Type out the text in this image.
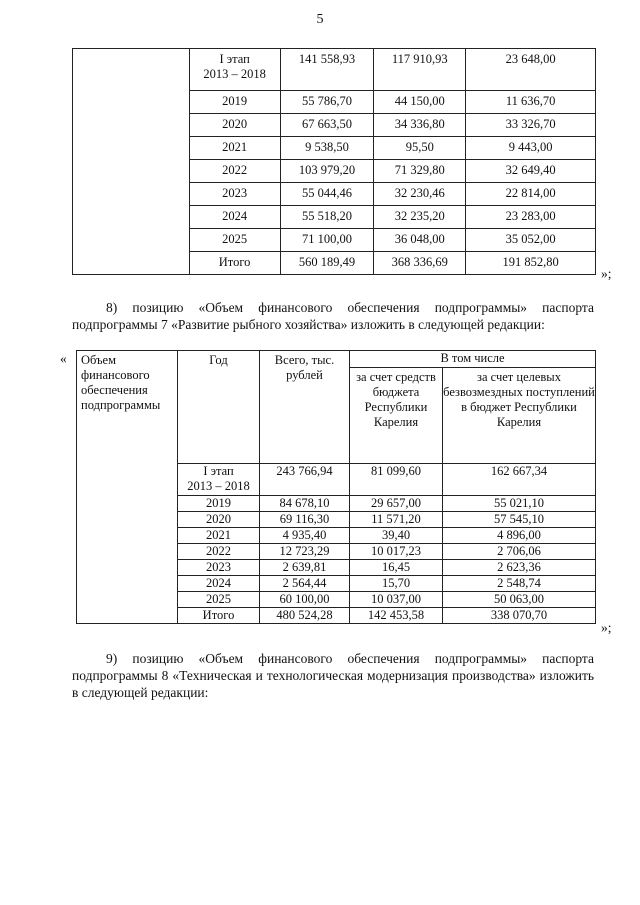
5
	I этап
2013 – 2018	141 558,93	117 910,93	23 648,00
	2019	55 786,70	44 150,00	11 636,70
	2020	67 663,50	34 336,80	33 326,70
	2021	9 538,50	95,50	9 443,00
	2022	103 979,20	71 329,80	32 649,40
	2023	55 044,46	32 230,46	22 814,00
	2024	55 518,20	32 235,20	23 283,00
	2025	71 100,00	36 048,00	35 052,00
	Итого	560 189,49	368 336,69	191 852,80
»;
8) позицию «Объем финансового обеспечения подпрограммы» паспорта подпрограммы 7 «Развитие рыбного хозяйства» изложить в следующей редакции:
« Объем финансового обеспечения подпрограммы	Год	Всего, тыс. рублей	В том числе	
			за счет средств бюджета Республики Карелия	за счет целевых безвозмездных поступлений в бюджет Республики Карелия
	I этап
2013 – 2018	243 766,94	81 099,60	162 667,34
	2019	84 678,10	29 657,00	55 021,10
	2020	69 116,30	11 571,20	57 545,10
	2021	4 935,40	39,40	4 896,00
	2022	12 723,29	10 017,23	2 706,06
	2023	2 639,81	16,45	2 623,36
	2024	2 564,44	15,70	2 548,74
	2025	60 100,00	10 037,00	50 063,00
	Итого	480 524,28	142 453,58	338 070,70
»;
9) позицию «Объем финансового обеспечения подпрограммы» паспорта подпрограммы 8 «Техническая и технологическая модернизация производства» изложить в следующей редакции:
